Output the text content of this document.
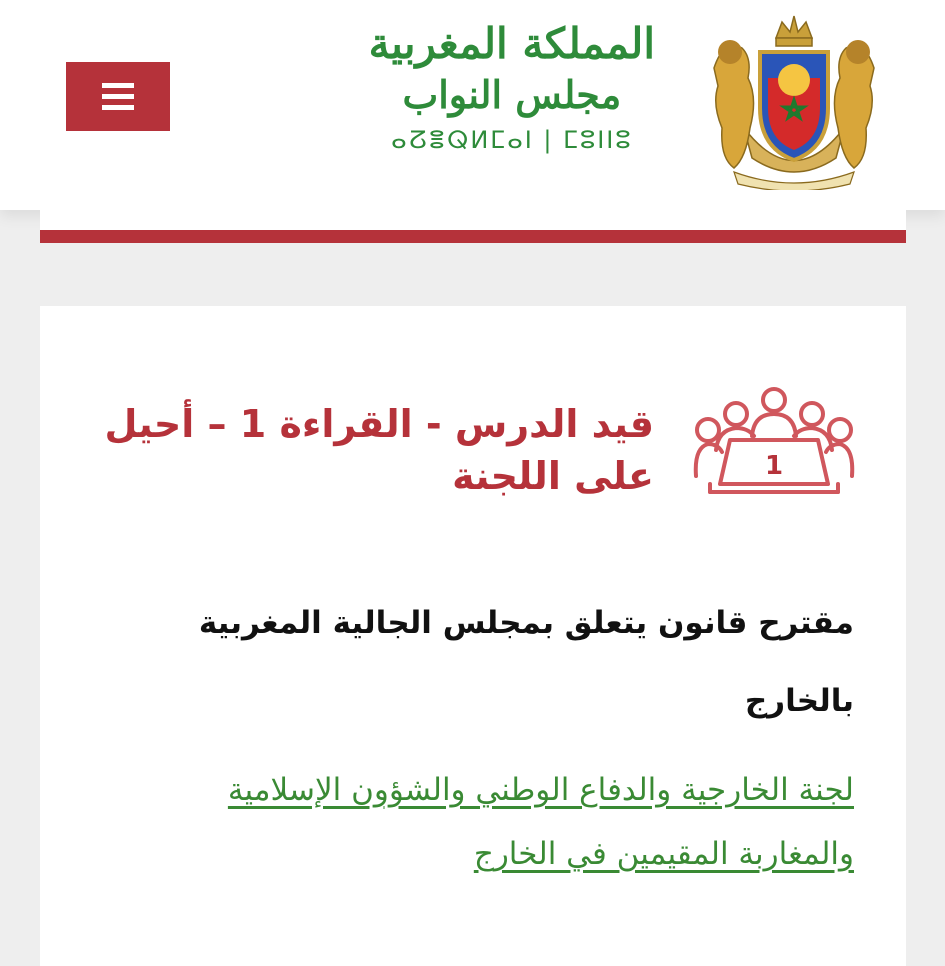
المملكة المغربية
مجلس النواب
ⴰⵒⴻⵕⵍⵎⴰⵏ | ⵎⵓⵏⵏⵓ
1
قيد الدرس - القراءة 1 – أحيل على اللجنة
مقترح قانون يتعلق بمجلس الجالية المغربية بالخارج
لجنة الخارجية والدفاع الوطني والشؤون الإسلامية والمغاربة المقيمين في الخارج
